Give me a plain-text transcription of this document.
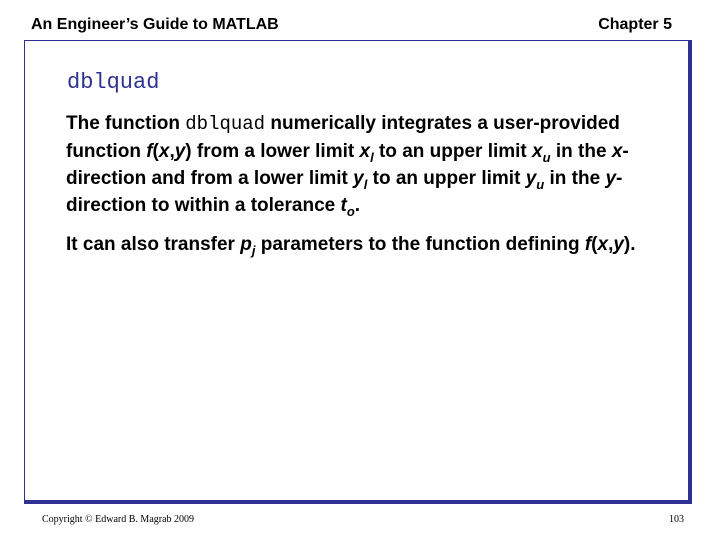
An Engineer’s Guide to MATLAB	Chapter 5
dblquad

The function dblquad numerically integrates a user-provided function f(x,y) from a lower limit $x_l$ to an upper limit $x_u$ in the x-direction and from a lower limit $y_l$ to an upper limit $y_u$ in the y-direction to within a tolerance $t_o$.

It can also transfer $p_j$ parameters to the function defining f(x,y).

Copyright © Edward B. Magrab 2009	103
